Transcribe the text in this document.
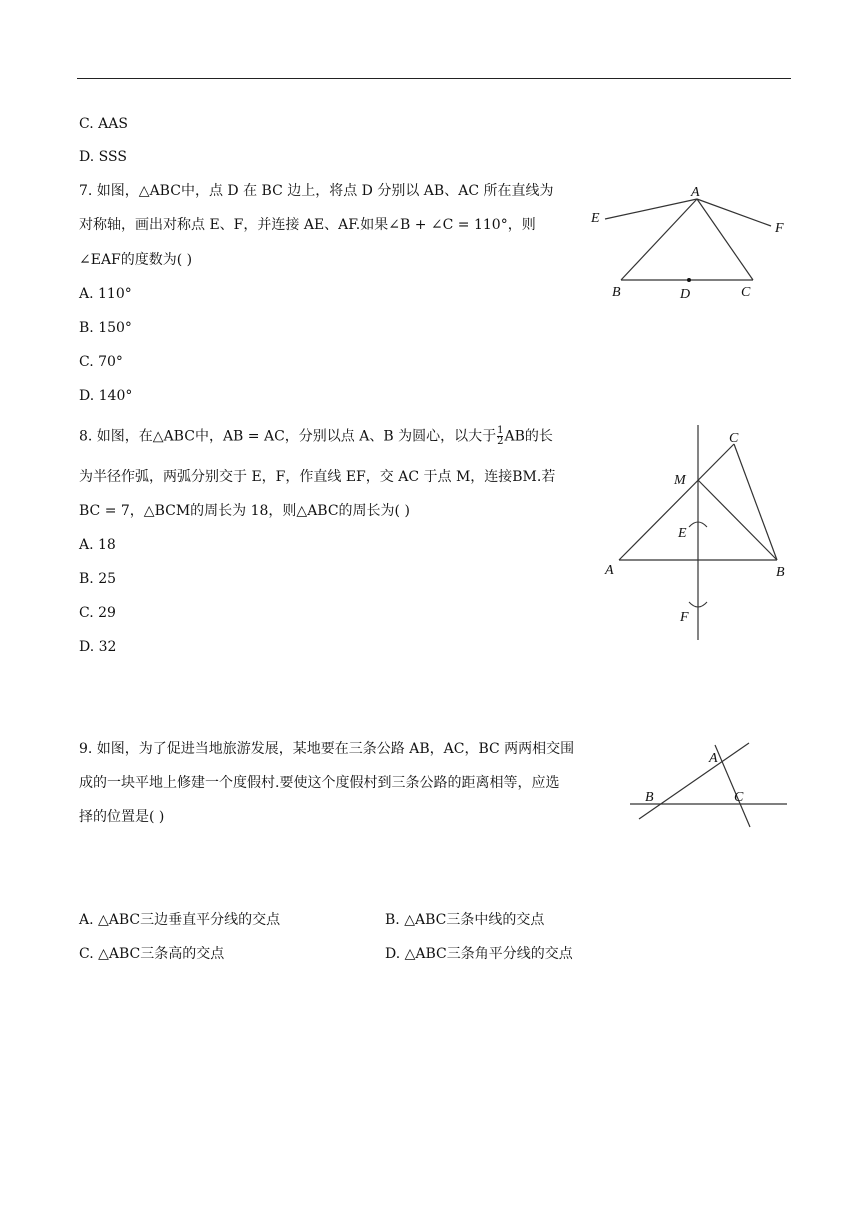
C. AAS
D. SSS
7. 如图，△ABC中，点 D 在 BC 边上，将点 D 分别以 AB、AC 所在直线为
对称轴，画出对称点 E、F，并连接 AE、AF.如果∠B + ∠C = 110°，则
∠EAF的度数为( )
A. 110°
B. 150°
C. 70°
D. 140°
A
E
F
B	D	C
8. 如图，在△ABC中，AB = AC，分别以点 A、B 为圆心，以大于 $\frac{1}{2}$ AB的长
为半径作弧，两弧分别交于 E，F，作直线 EF，交 AC 于点 M，连接BM.若
BC = 7，△BCM的周长为 18，则△ABC的周长为( )
A. 18
B. 25
C. 29
D. 32
C
M
E
A	B
F
9. 如图，为了促进当地旅游发展，某地要在三条公路 AB，AC，BC 两两相交围
成的一块平地上修建一个度假村.要使这个度假村到三条公路的距离相等，应选
择的位置是( )
A
B	C
A. △ABC三边垂直平分线的交点	B. △ABC三条中线的交点
C. △ABC三条高的交点	D. △ABC三条角平分线的交点
